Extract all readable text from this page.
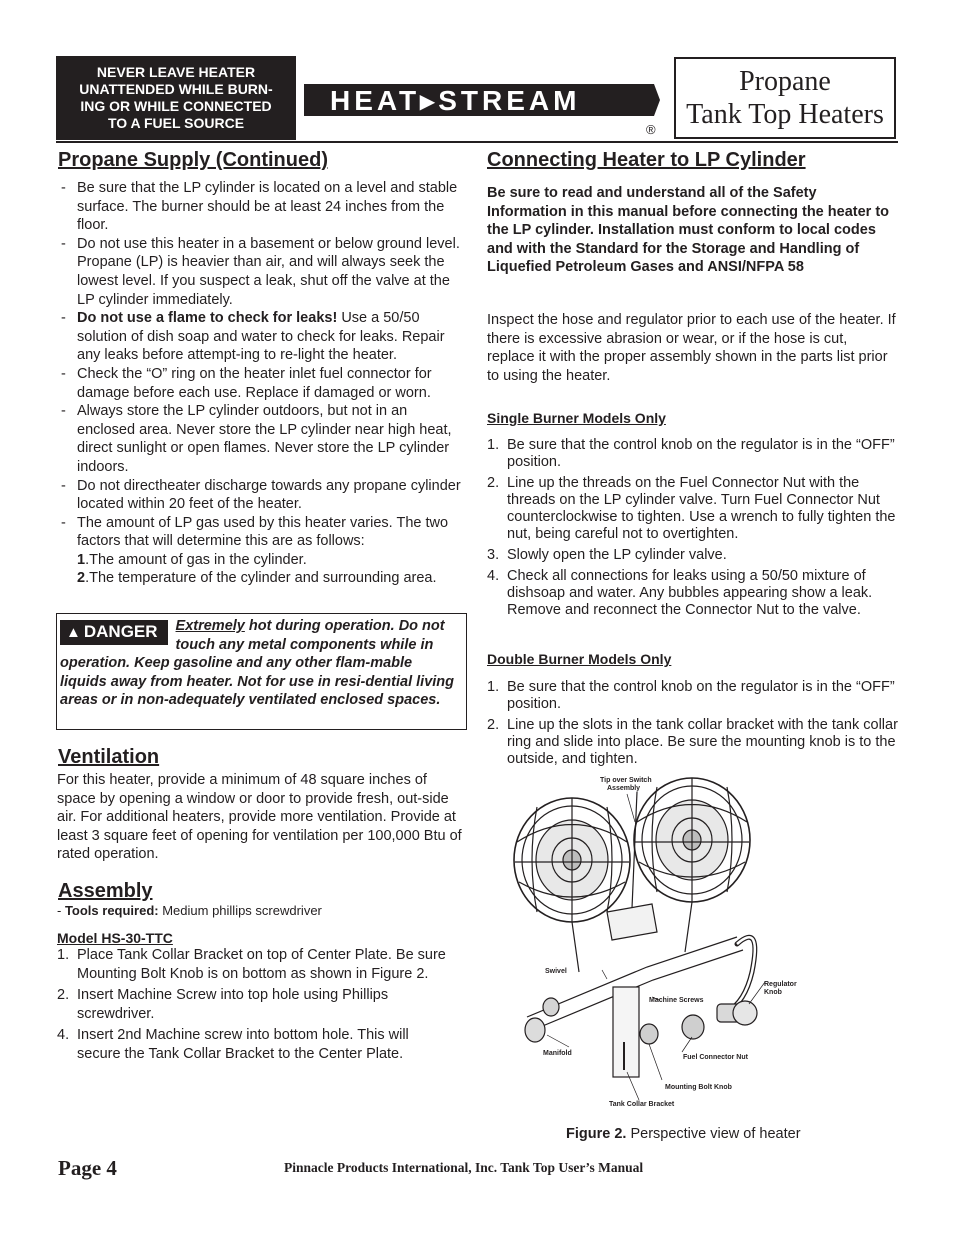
NEVER LEAVE HEATER
UNATTENDED WHILE BURN-
ING OR WHILE CONNECTED
TO A FUEL SOURCE
HEAT▸STREAM
®
Propane
Tank Top Heaters
Propane Supply (Continued)
- Be sure that the LP cylinder is located on a level and stable surface. The burner should be at least 24 inches from the floor.
- Do not use this heater in a basement or below ground level. Propane (LP) is heavier than air, and will always seek the lowest level. If you suspect a leak, shut off the valve at the LP cylinder immediately.
- Do not use a flame to check for leaks! Use a 50/50 solution of dish soap and water to check for leaks. Repair any leaks before attempt-ing to re-light the heater.
- Check the “O” ring on the heater inlet fuel connector for damage before each use. Replace if damaged or worn.
- Always store the LP cylinder outdoors, but not in an enclosed area. Never store the LP cylinder near high heat, direct sunlight or open flames. Never store the LP cylinder indoors.
- Do not directheater discharge towards any propane cylinder located within 20 feet of the heater.
- The amount of LP gas used by this heater varies. The two factors that will determine this are as follows:
1.The amount of gas in the cylinder.
2.The temperature of the cylinder and surrounding area.
▲ DANGER	Extremely hot during operation. Do not touch any metal components while in operation. Keep gasoline and any other flam-mable liquids away from heater. Not for use in resi-dential living areas or in non-adequately ventilated enclosed spaces.
Ventilation
For this heater, provide a minimum of 48 square inches of space by opening a window or door to provide fresh, out-side air. For additional heaters, provide more ventilation. Provide at least 3 square feet of opening for ventilation per 100,000 Btu of rated operation.
Assembly
- Tools required: Medium phillips screwdriver
Model HS-30-TTC
1. Place Tank Collar Bracket on top of Center Plate. Be sure Mounting Bolt Knob is on bottom as shown in Figure 2.
2. Insert Machine Screw into top hole using Phillips screwdriver.
4. Insert 2nd Machine screw into bottom hole. This will secure the Tank Collar Bracket to the Center Plate.
Connecting Heater to LP Cylinder
Be sure to read and understand all of the Safety Information in this manual before connecting the heater to the LP cylinder. Installation must conform to local codes and with the Standard for the Storage and Handling of Liquefied Petroleum Gases and ANSI/NFPA 58
Inspect the hose and regulator prior to each use of the heater. If there is excessive abrasion or wear, or if the hose is cut, replace it with the proper assembly shown in the parts list prior to using the heater.
Single Burner Models Only
1. Be sure that the control knob on the regulator is in the “OFF” position.
2. Line up the threads on the Fuel Connector Nut with the threads on the LP cylinder valve. Turn Fuel Connector Nut counterclockwise to tighten. Use a wrench to fully tighten the nut, being careful not to overtighten.
3. Slowly open the LP cylinder valve.
4. Check all connections for leaks using a 50/50 mixture of dishsoap and water. Any bubbles appearing show a leak. Remove and reconnect the Connector Nut to the valve.
Double Burner Models Only
1. Be sure that the control knob on the regulator is in the “OFF” position.
2. Line up the slots in the tank collar bracket with the tank collar ring and slide into place. Be sure the mounting knob is to the outside, and tighten.
Tip over Switch
Assembly
Swivel
Regulator
Knob
Machine Screws
Manifold
Fuel Connector Nut
Mounting Bolt Knob
Tank Collar Bracket
Figure 2. Perspective view of heater
Page 4	Pinnacle Products International, Inc. Tank Top User’s Manual
